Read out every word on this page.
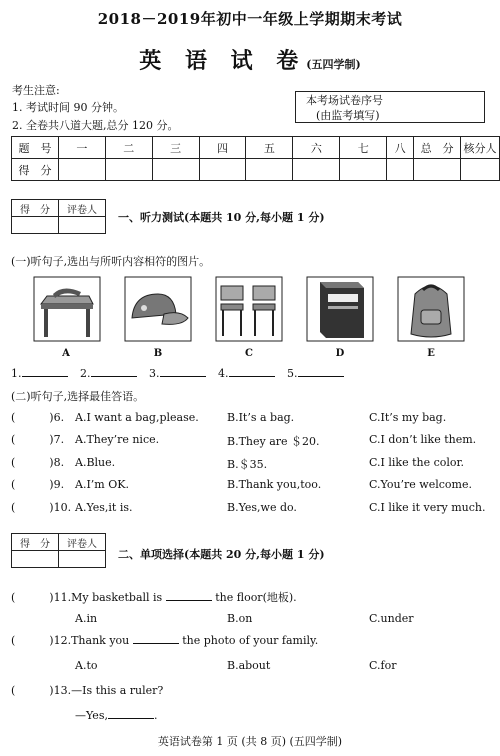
2018－2019年初中一年级上学期期末考试
英 语 试 卷(五四学制)
考生注意:
1. 考试时间 90 分钟。
2. 全卷共八道大题,总分 120 分。
本考场试卷序号
(由监考填写)
题　号	一	二	三	四	五	六	七	八	总　分	核分人
得　分										
得　分	评卷人

一、听力测试(本题共 10 分,每小题 1 分)
(一)听句子,选出与所听内容相符的图片。
A	B	C	D	E
1.	2.	3.	4.	5.
(二)听句子,选择最佳答语。
(	)6. A.I want a bag,please.	B.It’s a bag.	C.It’s my bag.
(	)7. A.They’re nice.	B.They are ＄20.	C.I don’t like them.
(	)8. A.Blue.	B.＄35.	C.I like the color.
(	)9. A.I’m OK.	B.Thank you,too.	C.You’re welcome.
(	)10. A.Yes,it is.	B.Yes,we do.	C.I like it very much.
得　分	评卷人

二、单项选择(本题共 20 分,每小题 1 分)
(	)11.My basketball is	the floor(地板).
A.in	B.on	C.under
(	)12.Thank you	the photo of your family.
A.to	B.about	C.for
(	)13.—Is this a ruler?
—Yes,	.
英语试卷第 1 页 (共 8 页) (五四学制)
